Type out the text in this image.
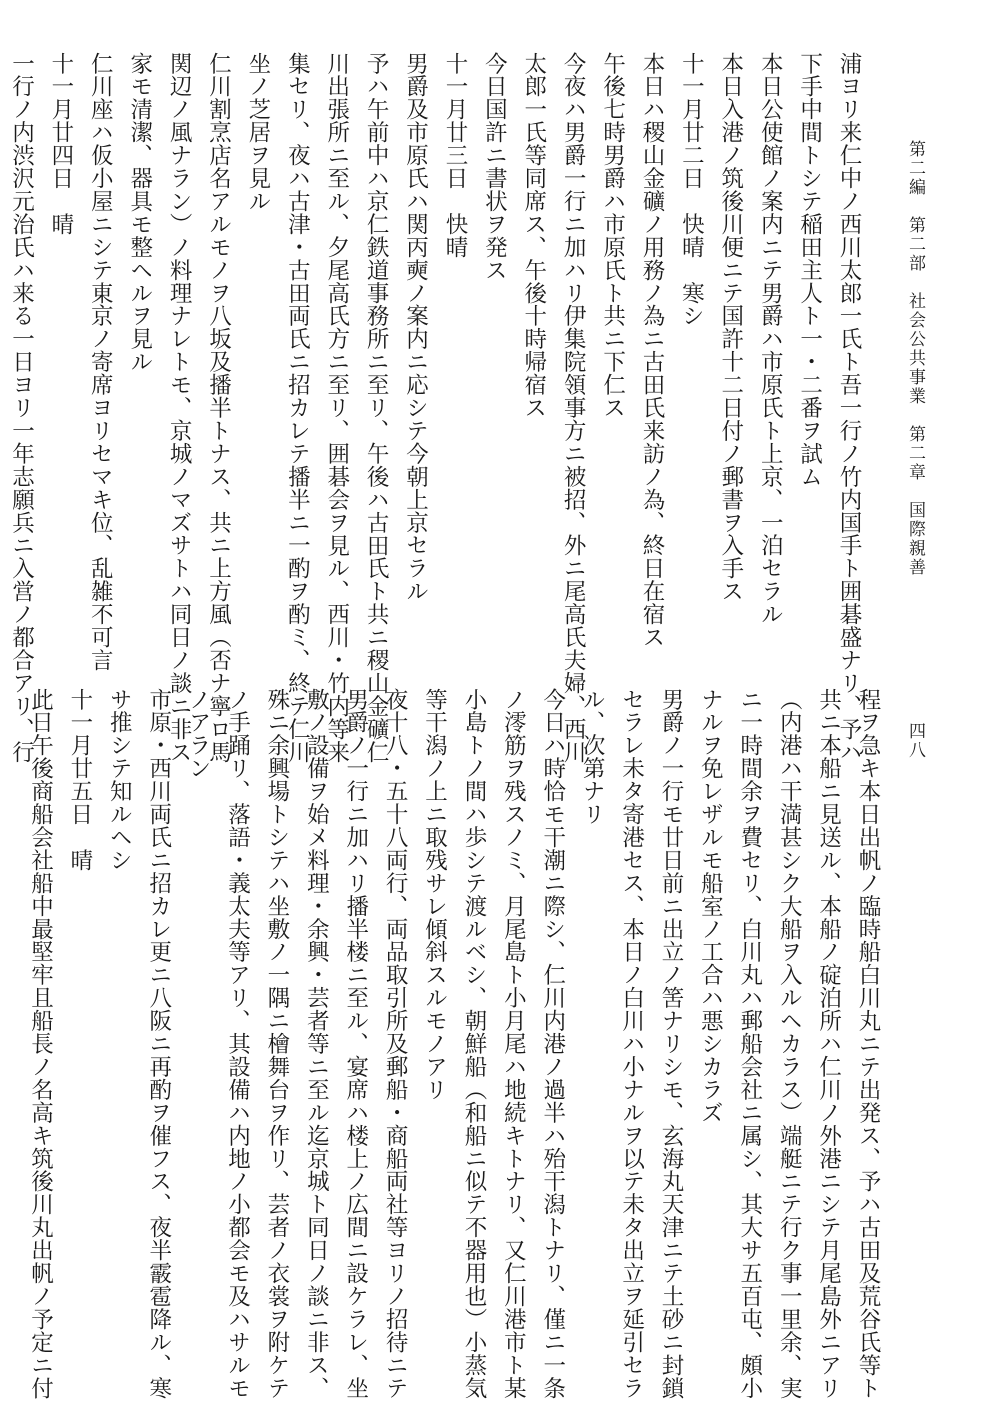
第二編　第二部　社会公共事業　第二章　国際親善
四八
浦ヨリ来仁中ノ西川太郎一氏ト吾一行ノ竹内国手ト囲碁盛ナリ、予ハ
下手中間トシテ稲田主人ト一・二番ヲ試ム
本日公使館ノ案内ニテ男爵ハ市原氏ト上京、一泊セラル
本日入港ノ筑後川便ニテ国許十二日付ノ郵書ヲ入手ス
十一月廿二日　快晴　寒シ
本日ハ稷山金礦ノ用務ノ為ニ古田氏来訪ノ為、終日在宿ス
午後七時男爵ハ市原氏ト共ニ下仁ス
今夜ハ男爵一行ニ加ハリ伊集院領事方ニ被招、外ニ尾高氏夫婦、西川
太郎一氏等同席ス、午後十時帰宿ス
今日国許ニ書状ヲ発ス
十一月廿三日　快晴
男爵及市原氏ハ関丙奭ノ案内ニ応シテ今朝上京セラル
予ハ午前中ハ京仁鉄道事務所ニ至リ、午後ハ古田氏ト共ニ稷山金礦仁
川出張所ニ至ル、夕尾高氏方ニ至リ、囲碁会ヲ見ル、西川・竹内等来
集セリ、夜ハ古津・古田両氏ニ招カレテ播半ニ一酌ヲ酌ミ、終テ仁川
坐ノ芝居ヲ見ル
仁川割烹店名アルモノヲ八坂及播半トナス、共ニ上方風（否ナ寧ロ馬
関辺ノ風ナラン）ノ料理ナレトモ、京城ノマズサトハ同日ノ談ニ非ス
家モ清潔、器具モ整ヘルヲ見ル
仁川座ハ仮小屋ニシテ東京ノ寄席ヨリセマキ位、乱雑不可言
十一月廿四日　晴
一行ノ内渋沢元治氏ハ来る一日ヨリ一年志願兵ニ入営ノ都合アリ、行
程ヲ急キ本日出帆ノ臨時船白川丸ニテ出発ス、予ハ古田及荒谷氏等ト
共ニ本船ニ見送ル、本船ノ碇泊所ハ仁川ノ外港ニシテ月尾島外ニアリ
（内港ハ干満甚シク大船ヲ入ルヘカラス）端艇ニテ行ク事一里余、実
ニ一時間余ヲ費セリ、白川丸ハ郵船会社ニ属シ、其大サ五百屯、頗小
ナルヲ免レザルモ船室ノ工合ハ悪シカラズ
男爵ノ一行モ廿日前ニ出立ノ筈ナリシモ、玄海丸天津ニテ土砂ニ封鎖
セラレ未タ寄港セス、本日ノ白川ハ小ナルヲ以テ未タ出立ヲ延引セラ
ル、次第ナリ
今日ハ時恰モ干潮ニ際シ、仁川内港ノ過半ハ殆干潟トナリ、僅ニ一条
ノ澪筋ヲ残スノミ、月尾島ト小月尾ハ地続キトナリ、又仁川港市ト某
小島トノ間ハ歩シテ渡ルベシ、朝鮮船（和船ニ似テ不器用也）小蒸気
等干潟ノ上ニ取残サレ傾斜スルモノアリ
夜十八・五十八両行、両品取引所及郵船・商船両社等ヨリノ招待ニテ
男爵ノ一行ニ加ハリ播半楼ニ至ル、宴席ハ楼上ノ広間ニ設ケラレ、坐
敷ノ設備ヲ始メ料理・余興・芸者等ニ至ル迄京城ト同日ノ談ニ非ス、
殊ニ余興場トシテハ坐敷ノ一隅ニ檜舞台ヲ作リ、芸者ノ衣裳ヲ附ケテ
ノ手踊リ、落語・義太夫等アリ、其設備ハ内地ノ小都会モ及ハサルモ
ノアラン
市原・西川両氏ニ招カレ更ニ八阪ニ再酌ヲ催フス、夜半霰雹降ル、寒
サ推シテ知ルヘシ
十一月廿五日　晴
此日午後商船会社船中最堅牢且船長ノ名高キ筑後川丸出帆ノ予定ニ付
